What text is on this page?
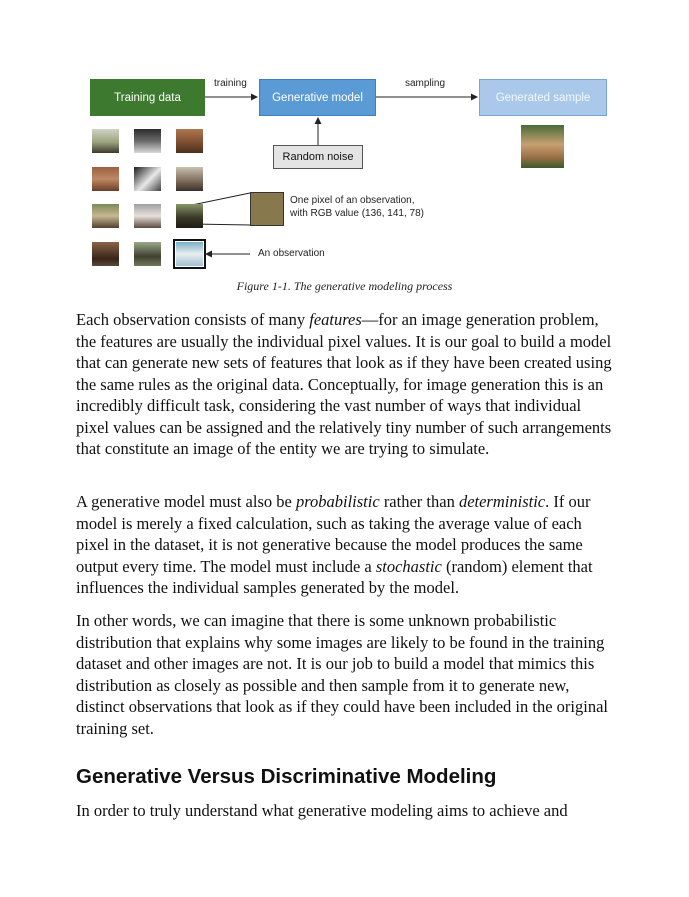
Training data	Generative model	Generated sample
Random noise
training	sampling
One pixel of an observation,
with RGB value (136, 141, 78)
An observation
Figure 1-1. The generative modeling process

Each observation consists of many features—for an image generation problem, the features are usually the individual pixel values. It is our goal to build a model that can generate new sets of features that look as if they have been created using the same rules as the original data. Conceptually, for image generation this is an incredibly difficult task, considering the vast number of ways that individual pixel values can be assigned and the relatively tiny number of such arrangements that constitute an image of the entity we are trying to simulate.

A generative model must also be probabilistic rather than deterministic. If our model is merely a fixed calculation, such as taking the average value of each pixel in the dataset, it is not generative because the model produces the same output every time. The model must include a stochastic (random) element that influences the individual samples generated by the model.

In other words, we can imagine that there is some unknown probabilistic distribution that explains why some images are likely to be found in the training dataset and other images are not. It is our job to build a model that mimics this distribution as closely as possible and then sample from it to generate new, distinct observations that look as if they could have been included in the original training set.

Generative Versus Discriminative Modeling

In order to truly understand what generative modeling aims to achieve and
